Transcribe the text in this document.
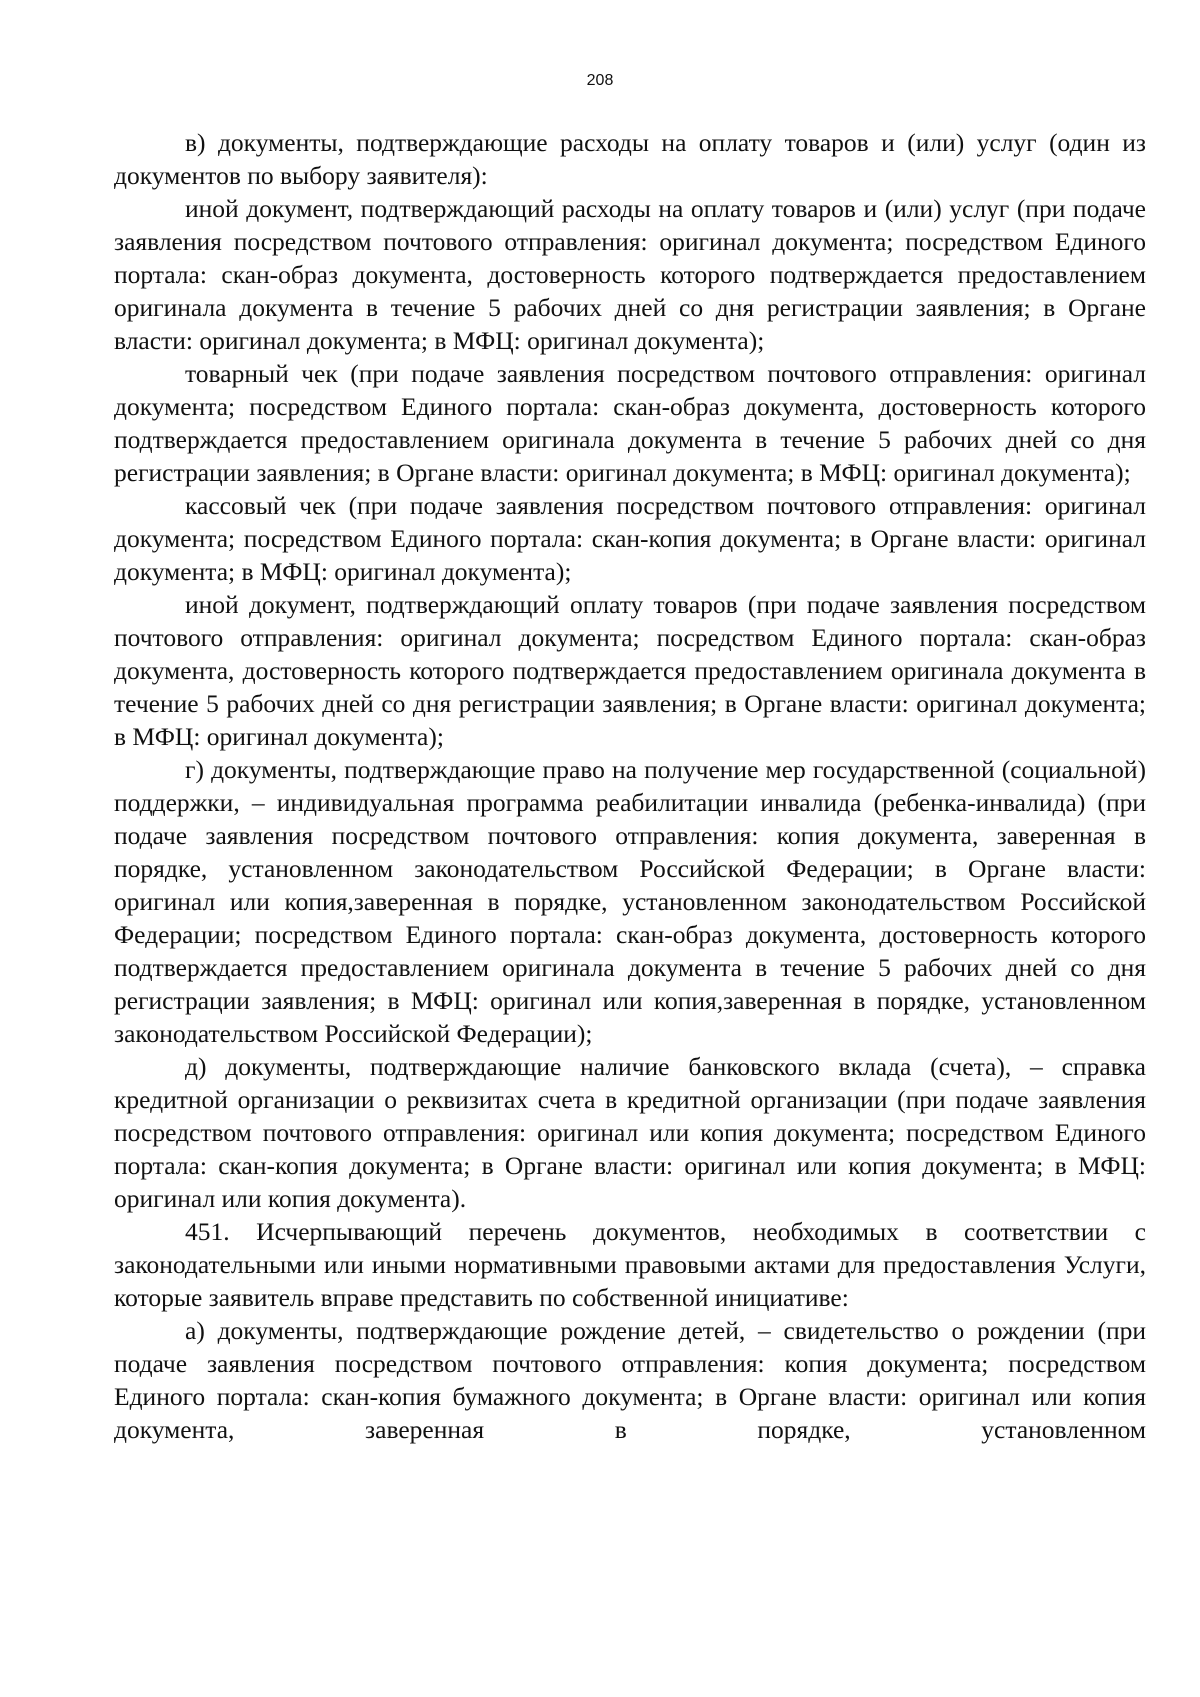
208

в) документы, подтверждающие расходы на оплату товаров и (или) услуг (один из документов по выбору заявителя):

иной документ, подтверждающий расходы на оплату товаров и (или) услуг (при подаче заявления посредством почтового отправления: оригинал документа; посредством Единого портала: скан-образ документа, достоверность которого подтверждается предоставлением оригинала документа в течение 5 рабочих дней со дня регистрации заявления; в Органе власти: оригинал документа; в МФЦ: оригинал документа);

товарный чек (при подаче заявления посредством почтового отправления: оригинал документа; посредством Единого портала: скан-образ документа, достоверность которого подтверждается предоставлением оригинала документа в течение 5 рабочих дней со дня регистрации заявления; в Органе власти: оригинал документа; в МФЦ: оригинал документа);

кассовый чек (при подаче заявления посредством почтового отправления: оригинал документа; посредством Единого портала: скан-копия документа; в Органе власти: оригинал документа; в МФЦ: оригинал документа);

иной документ, подтверждающий оплату товаров (при подаче заявления посредством почтового отправления: оригинал документа; посредством Единого портала: скан-образ документа, достоверность которого подтверждается предоставлением оригинала документа в течение 5 рабочих дней со дня регистрации заявления; в Органе власти: оригинал документа; в МФЦ: оригинал документа);

г) документы, подтверждающие право на получение мер государственной (социальной) поддержки, – индивидуальная программа реабилитации инвалида (ребенка-инвалида) (при подаче заявления посредством почтового отправления: копия документа, заверенная в порядке, установленном законодательством Российской Федерации; в Органе власти: оригинал или копия,заверенная в порядке, установленном законодательством Российской Федерации; посредством Единого портала: скан-образ документа, достоверность которого подтверждается предоставлением оригинала документа в течение 5 рабочих дней со дня регистрации заявления; в МФЦ: оригинал или копия,заверенная в порядке, установленном законодательством Российской Федерации);

д) документы, подтверждающие наличие банковского вклада (счета), – справка кредитной организации о реквизитах счета в кредитной организации (при подаче заявления посредством почтового отправления: оригинал или копия документа; посредством Единого портала: скан-копия документа; в Органе власти: оригинал или копия документа; в МФЦ: оригинал или копия документа).

451. Исчерпывающий перечень документов, необходимых в соответствии с законодательными или иными нормативными правовыми актами для предоставления Услуги, которые заявитель вправе представить по собственной инициативе:

а) документы, подтверждающие рождение детей, – свидетельство о рождении (при подаче заявления посредством почтового отправления: копия документа; посредством Единого портала: скан-копия бумажного документа; в Органе власти: оригинал или копия документа, заверенная в порядке, установленном
